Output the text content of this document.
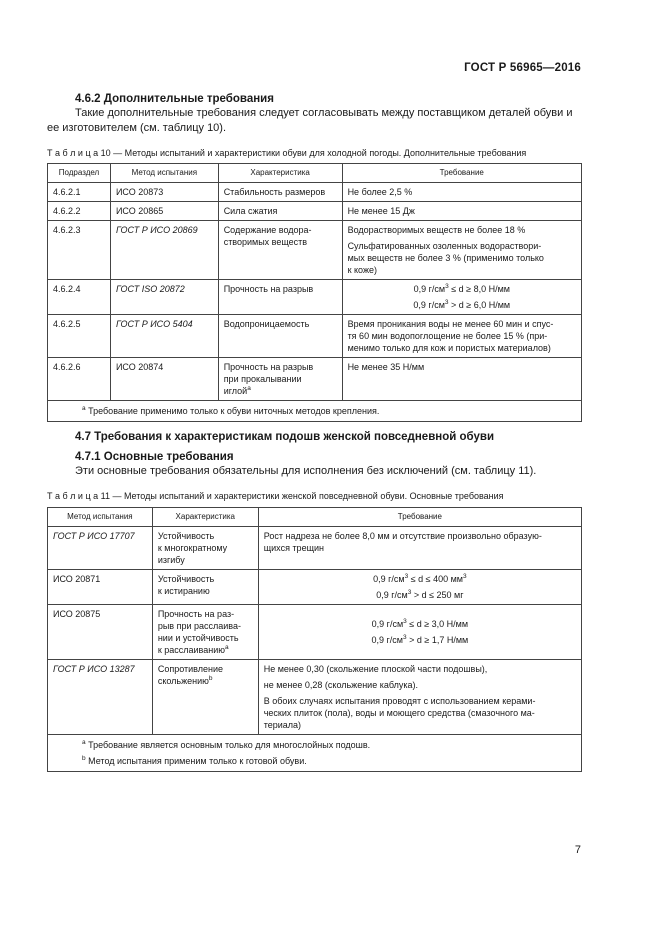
ГОСТ Р 56965—2016
4.6.2 Дополнительные требования
Такие дополнительные требования следует согласовывать между поставщиком деталей обуви и
ее изготовителем (см. таблицу 10).
Т а б л и ц а 10 — Методы испытаний и характеристики обуви для холодной погоды. Дополнительные требования
Подраздел	Метод испытания	Характеристика	Требование
4.6.2.1	ИСО 20873	Стабильность размеров	Не более 2,5 %
4.6.2.2	ИСО 20865	Сила сжатия	Не менее 15 Дж
4.6.2.3	ГОСТ Р ИСО 20869	Содержание водора-
створимых веществ	Водорастворимых веществ не более 18 %
Сульфатированных озоленных водораствори-
мых веществ не более 3 % (применимо только
к коже)

4.6.2.4	ГОСТ ISO 20872	Прочность на разрыв	0,9 $г/см^3 \le d \ge 8,0$ Н/мм
0,9 $г/см^3 > d \ge 6,0$ Н/мм

4.6.2.5	ГОСТ Р ИСО 5404	Водопроницаемость	Время проникания воды не менее 60 мин и спус-
тя 60 мин водопоглощение не более 15 % (при-
менимо только для кож и пористых материалов)

4.6.2.6	ИСО 20874	Прочность на разрыв
при прокалывании
иглой$^a$	Не менее 35 Н/мм
$^a$ Требование применимо только к обуви ниточных методов крепления.			
4.7 Требования к характеристикам подошв женской повседневной обуви
4.7.1 Основные требования
Эти основные требования обязательны для исполнения без исключений (см. таблицу 11).
Т а б л и ц а 11 — Методы испытаний и характеристики женской повседневной обуви. Основные требования
Метод испытания	Характеристика	Требование
ГОСТ Р ИСО 17707	Устойчивость
к многократному
изгибу	Рост надреза не более 8,0 мм и отсутствие произвольно образую-
щихся трещин

ИСО 20871	Устойчивость
к истиранию	0,9 $г/см^3 \le d \le 400$ $мм^3$
0,9 $г/см^3 > d \le 250$ мг

ИСО 20875	Прочность на раз-
рыв при расслаива-
нии и устойчивость
к расслаиванию$^a$	0,9 $г/см^3 \le d \ge 3,0$ Н/мм
0,9 $г/см^3 > d \ge 1,7$ Н/мм

ГОСТ Р ИСО 13287	Сопротивление
скольжению$^b$	Не менее 0,30 (скольжение плоской части подошвы),
не менее 0,28 (скольжение каблука).
В обоих случаях испытания проводят с использованием керами-
ческих плиток (пола), воды и моющего средства (смазочного ма-
териала)

$^a$ Требование является основным только для многослойных подошв.
$^b$ Метод испытания применим только к готовой обуви.		
7
